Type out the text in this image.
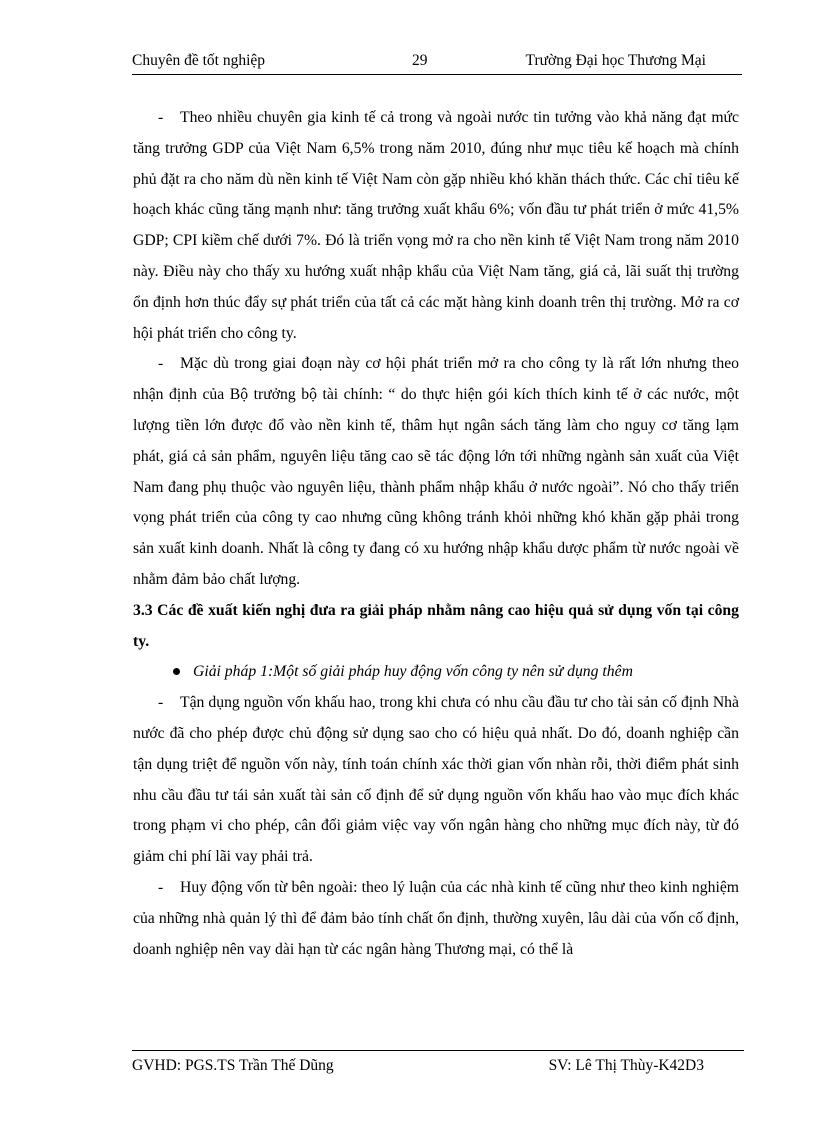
Chuyên đề tốt nghiệp	29	Trường Đại học Thương Mại
- Theo nhiều chuyên gia kinh tế cả trong và ngoài nước tin tưởng vào khả năng đạt mức tăng trưởng GDP của Việt Nam 6,5% trong năm 2010, đúng như mục tiêu kế hoạch mà chính phủ đặt ra cho năm dù nền kinh tế Việt Nam còn gặp nhiều khó khăn thách thức. Các chỉ tiêu kế hoạch khác cũng tăng mạnh như: tăng trưởng xuất khẩu 6%; vốn đầu tư phát triển ở mức 41,5% GDP; CPI kiềm chế dưới 7%. Đó là triển vọng mở ra cho nền kinh tế Việt Nam trong năm 2010 này. Điều này cho thấy xu hướng xuất nhập khẩu của Việt Nam tăng, giá cả, lãi suất thị trường ổn định hơn thúc đẩy sự phát triển của tất cả các mặt hàng kinh doanh trên thị trường. Mở ra cơ hội phát triển cho công ty.
- Mặc dù trong giai đoạn này cơ hội phát triển mở ra cho công ty là rất lớn nhưng theo nhận định của Bộ trưởng bộ tài chính: “ do thực hiện gói kích thích kinh tế ở các nước, một lượng tiền lớn được đổ vào nền kinh tế, thâm hụt ngân sách tăng làm cho nguy cơ tăng lạm phát, giá cả sản phẩm, nguyên liệu tăng cao sẽ tác động lớn tới những ngành sản xuất của Việt Nam đang phụ thuộc vào nguyên liệu, thành phẩm nhập khẩu ở nước ngoài”. Nó cho thấy triển vọng phát triển của công ty cao nhưng cũng không tránh khỏi những khó khăn gặp phải trong sản xuất kinh doanh. Nhất là công ty đang có xu hướng nhập khẩu dược phẩm từ nước ngoài về nhằm đảm bảo chất lượng.
3.3 Các đề xuất kiến nghị đưa ra giải pháp nhằm nâng cao hiệu quả sử dụng vốn tại công ty.
Giải pháp 1:Một số giải pháp huy động vốn công ty nên sử dụng thêm
- Tận dụng nguồn vốn khấu hao, trong khi chưa có nhu cầu đầu tư cho tài sản cố định Nhà nước đã cho phép được chủ động sử dụng sao cho có hiệu quả nhất. Do đó, doanh nghiệp cần tận dụng triệt để nguồn vốn này, tính toán chính xác thời gian vốn nhàn rỗi, thời điểm phát sinh nhu cầu đầu tư tái sản xuất tài sản cố định để sử dụng nguồn vốn khấu hao vào mục đích khác trong phạm vi cho phép, cân đối giảm việc vay vốn ngân hàng cho những mục đích này, từ đó giảm chi phí lãi vay phải trả.
- Huy động vốn từ bên ngoài: theo lý luận của các nhà kinh tế cũng như theo kinh nghiệm của những nhà quản lý thì để đảm bảo tính chất ổn định, thường xuyên, lâu dài của vốn cố định, doanh nghiệp nên vay dài hạn từ các ngân hàng Thương mại, có thể là
GVHD: PGS.TS Trần Thế Dũng	SV: Lê Thị Thùy-K42D3
